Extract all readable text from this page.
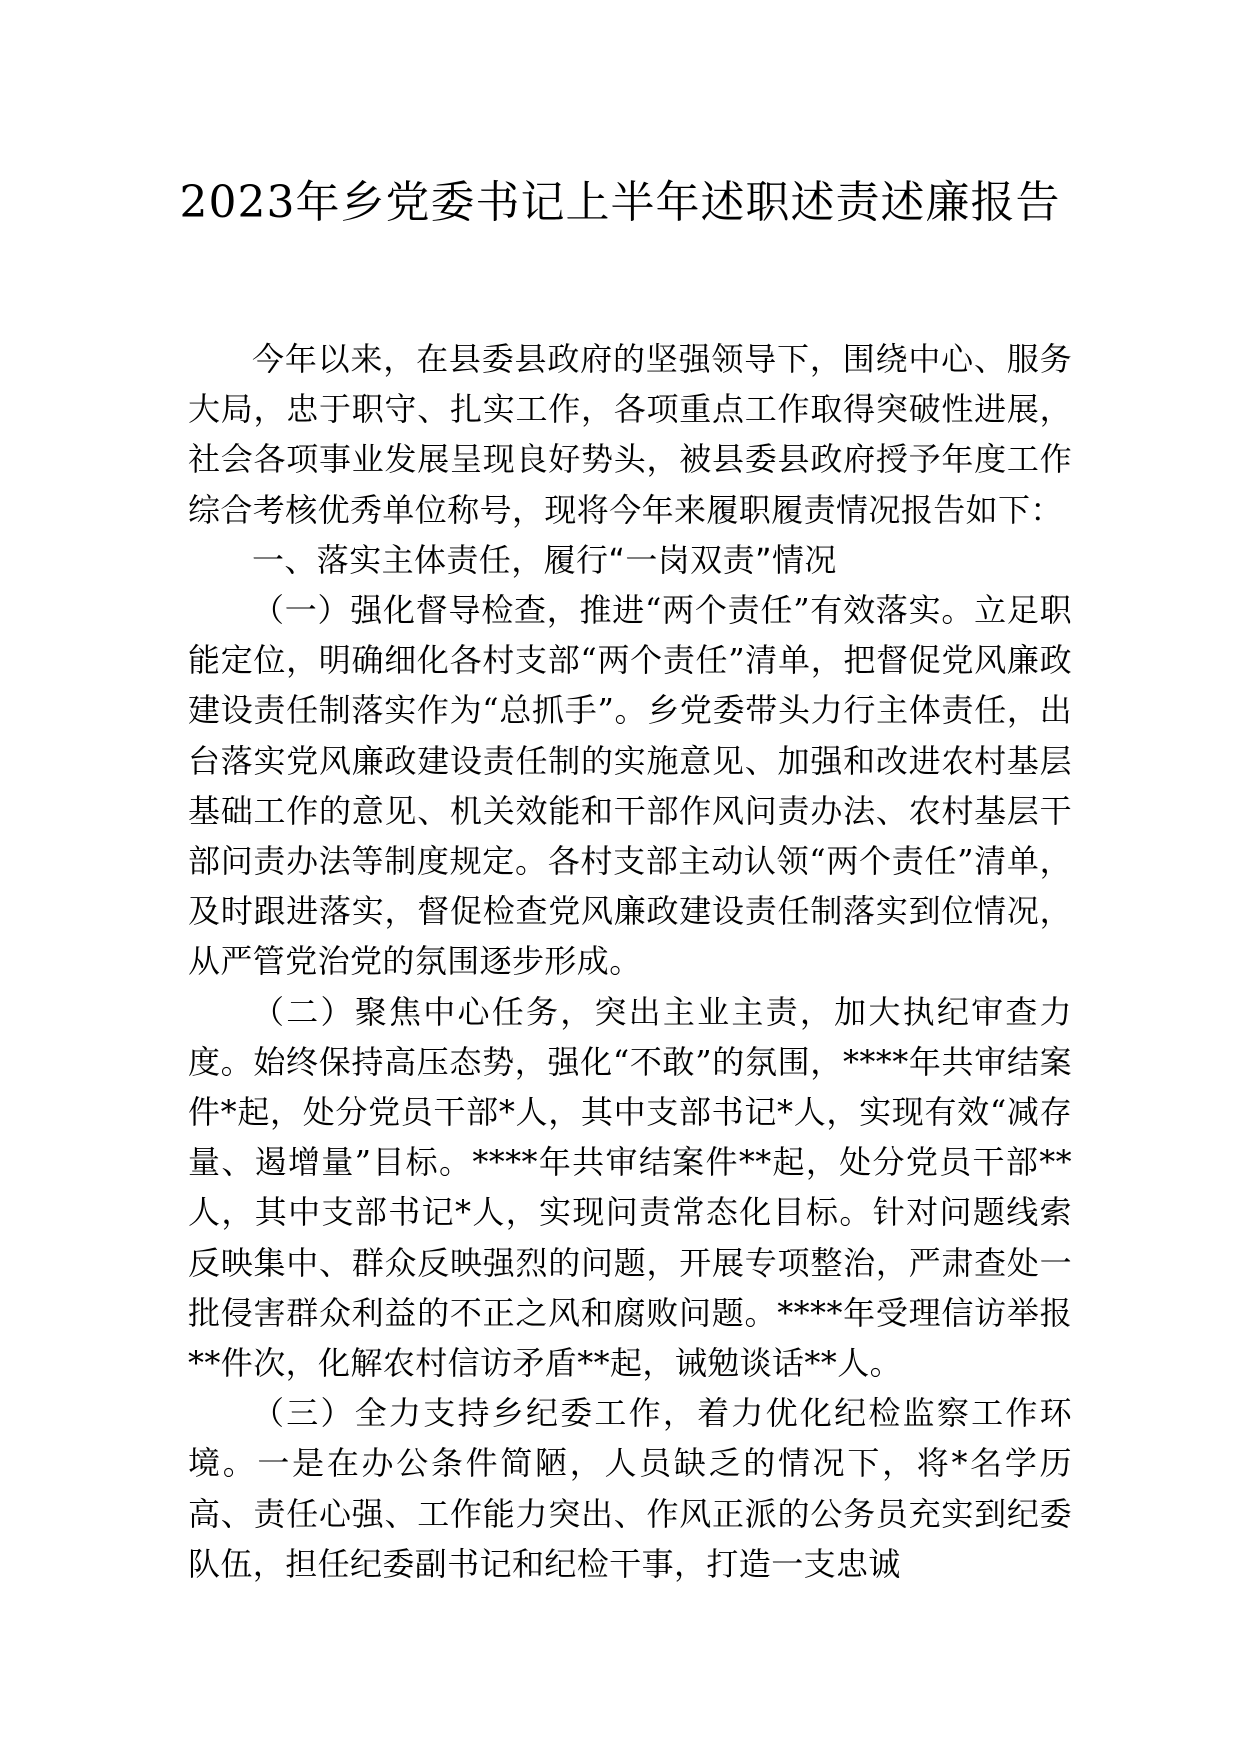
2023年乡党委书记上半年述职述责述廉报告

今年以来，在县委县政府的坚强领导下，围绕中心、服务大局，忠于职守、扎实工作，各项重点工作取得突破性进展，社会各项事业发展呈现良好势头，被县委县政府授予年度工作综合考核优秀单位称号，现将今年来履职履责情况报告如下：

一、落实主体责任，履行“一岗双责”情况

（一）强化督导检查，推进“两个责任”有效落实。立足职能定位，明确细化各村支部“两个责任”清单，把督促党风廉政建设责任制落实作为“总抓手”。乡党委带头力行主体责任，出台落实党风廉政建设责任制的实施意见、加强和改进农村基层基础工作的意见、机关效能和干部作风问责办法、农村基层干部问责办法等制度规定。各村支部主动认领“两个责任”清单，及时跟进落实，督促检查党风廉政建设责任制落实到位情况，从严管党治党的氛围逐步形成。

（二）聚焦中心任务，突出主业主责，加大执纪审查力度。始终保持高压态势，强化“不敢”的氛围，****年共审结案件*起，处分党员干部*人，其中支部书记*人，实现有效“减存量、遏增量”目标。****年共审结案件**起，处分党员干部**人，其中支部书记*人，实现问责常态化目标。针对问题线索反映集中、群众反映强烈的问题，开展专项整治，严肃查处一批侵害群众利益的不正之风和腐败问题。****年受理信访举报**件次，化解农村信访矛盾**起，诫勉谈话**人。

（三）全力支持乡纪委工作，着力优化纪检监察工作环境。一是在办公条件简陋，人员缺乏的情况下，将*名学历高、责任心强、工作能力突出、作风正派的公务员充实到纪委队伍，担任纪委副书记和纪检干事，打造一支忠诚
